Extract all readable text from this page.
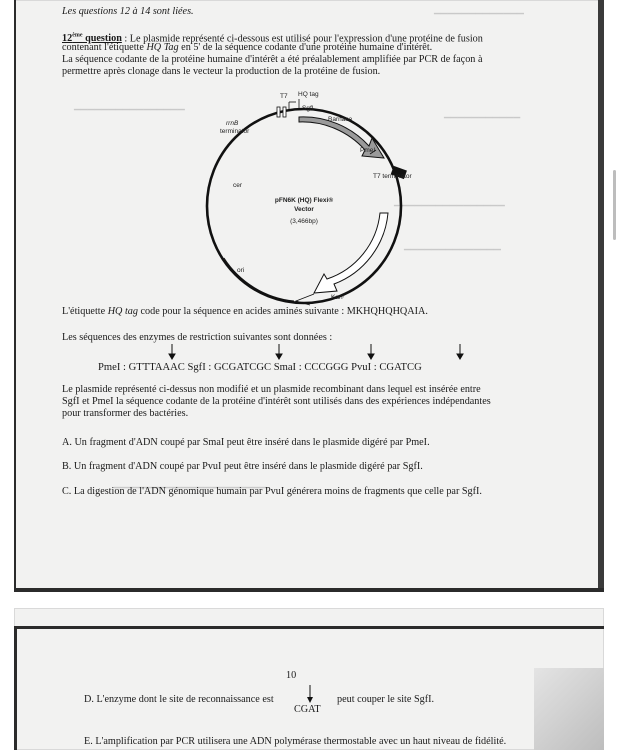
▁▁▁▁▁▁▁▁▁▁▁▁▁
▁▁▁▁▁▁▁▁▁▁▁
▁▁▁▁▁▁▁▁▁▁▁▁▁▁▁▁
▁▁▁▁▁▁▁▁▁▁▁▁▁▁▁▁
▁▁▁▁▁▁▁▁▁▁▁▁▁▁
▁▁▁▁▁▁▁▁▁▁▁▁▁▁▁▁▁▁▁▁▁▁
Les questions 12 à 14 sont liées.
12ème question : Le plasmide représenté ci-dessous est utilisé pour l'expression d'une protéine de fusion
contenant l'étiquette HQ Tag en 5' de la séquence codante d'une protéine humaine d'intérêt.
La séquence codante de la protéine humaine d'intérêt a été préalablement amplifiée par PCR de façon à
permettre après clonage dans le vecteur la production de la protéine de fusion.
T7 HQ tag
SgfI
rrnB
terminator
Barnase
PmeI
T7 terminator
cer
ori
Kanʳ
pFN6K (HQ) Flexi®
Vector
(3,466bp)
L'étiquette HQ tag code pour la séquence en acides aminés suivante : MKHQHQHQAIA.
Les séquences des enzymes de restriction suivantes sont données :
PmeI : GTTTAAAC SgfI : GCGATCGC SmaI : CCCGGG PvuI : CGATCG
Le plasmide représenté ci-dessus non modifié et un plasmide recombinant dans lequel est insérée entre
SgfI et PmeI la séquence codante de la protéine d'intérêt sont utilisés dans des expériences indépendantes
pour transformer des bactéries.
A. Un fragment d'ADN coupé par SmaI peut être inséré dans le plasmide digéré par PmeI.
B. Un fragment d'ADN coupé par PvuI peut être inséré dans le plasmide digéré par SgfI.
C. La digestion de l'ADN génomique humain par PvuI générera moins de fragments que celle par SgfI.
10
D. L'enzyme dont le site de reconnaissance est
CGAT
peut couper le site SgfI.
E. L'amplification par PCR utilisera une ADN polymérase thermostable avec un haut niveau de fidélité.
